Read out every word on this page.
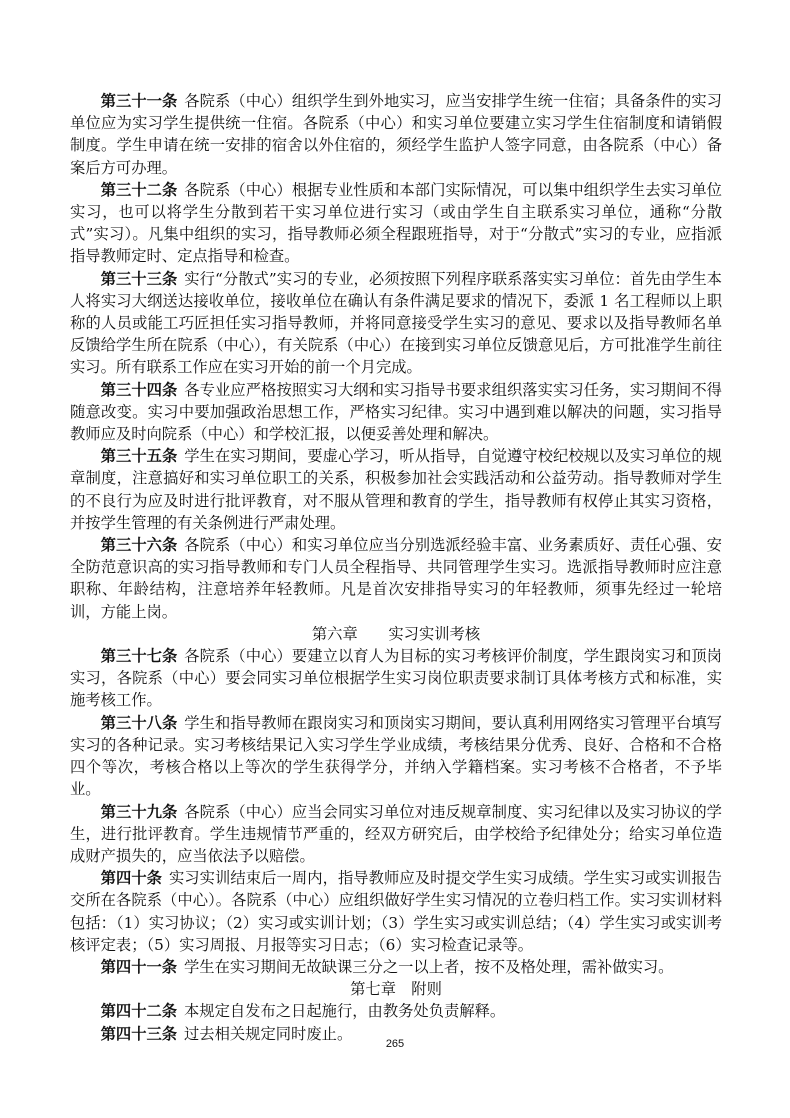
第三十一条 各院系（中心）组织学生到外地实习，应当安排学生统一住宿；具备条件的实习单位应为实习学生提供统一住宿。各院系（中心）和实习单位要建立实习学生住宿制度和请销假制度。学生申请在统一安排的宿舍以外住宿的，须经学生监护人签字同意，由各院系（中心）备案后方可办理。

第三十二条 各院系（中心）根据专业性质和本部门实际情况，可以集中组织学生去实习单位实习，也可以将学生分散到若干实习单位进行实习（或由学生自主联系实习单位，通称“分散式”实习）。凡集中组织的实习，指导教师必须全程跟班指导，对于“分散式”实习的专业，应指派指导教师定时、定点指导和检查。

第三十三条 实行“分散式”实习的专业，必须按照下列程序联系落实实习单位：首先由学生本人将实习大纲送达接收单位，接收单位在确认有条件满足要求的情况下，委派 1 名工程师以上职称的人员或能工巧匠担任实习指导教师，并将同意接受学生实习的意见、要求以及指导教师名单反馈给学生所在院系（中心），有关院系（中心）在接到实习单位反馈意见后，方可批准学生前往实习。所有联系工作应在实习开始的前一个月完成。

第三十四条 各专业应严格按照实习大纲和实习指导书要求组织落实实习任务，实习期间不得随意改变。实习中要加强政治思想工作，严格实习纪律。实习中遇到难以解决的问题，实习指导教师应及时向院系（中心）和学校汇报，以便妥善处理和解决。

第三十五条 学生在实习期间，要虚心学习，听从指导，自觉遵守校纪校规以及实习单位的规章制度，注意搞好和实习单位职工的关系，积极参加社会实践活动和公益劳动。指导教师对学生的不良行为应及时进行批评教育，对不服从管理和教育的学生，指导教师有权停止其实习资格，并按学生管理的有关条例进行严肃处理。

第三十六条 各院系（中心）和实习单位应当分别选派经验丰富、业务素质好、责任心强、安全防范意识高的实习指导教师和专门人员全程指导、共同管理学生实习。选派指导教师时应注意职称、年龄结构，注意培养年轻教师。凡是首次安排指导实习的年轻教师，须事先经过一轮培训，方能上岗。

第六章 实习实训考核

第三十七条 各院系（中心）要建立以育人为目标的实习考核评价制度，学生跟岗实习和顶岗实习，各院系（中心）要会同实习单位根据学生实习岗位职责要求制订具体考核方式和标准，实施考核工作。

第三十八条 学生和指导教师在跟岗实习和顶岗实习期间，要认真利用网络实习管理平台填写实习的各种记录。实习考核结果记入实习学生学业成绩，考核结果分优秀、良好、合格和不合格四个等次，考核合格以上等次的学生获得学分，并纳入学籍档案。实习考核不合格者，不予毕业。

第三十九条 各院系（中心）应当会同实习单位对违反规章制度、实习纪律以及实习协议的学生，进行批评教育。学生违规情节严重的，经双方研究后，由学校给予纪律处分；给实习单位造成财产损失的，应当依法予以赔偿。

第四十条 实习实训结束后一周内，指导教师应及时提交学生实习成绩。学生实习或实训报告交所在各院系（中心）。各院系（中心）应组织做好学生实习情况的立卷归档工作。实习实训材料包括：（1）实习协议；（2）实习或实训计划；（3）学生实习或实训总结；（4）学生实习或实训考核评定表；（5）实习周报、月报等实习日志；（6）实习检查记录等。

第四十一条 学生在实习期间无故缺课三分之一以上者，按不及格处理，需补做实习。

第七章 附则

第四十二条 本规定自发布之日起施行，由教务处负责解释。

第四十三条 过去相关规定同时废止。

265
